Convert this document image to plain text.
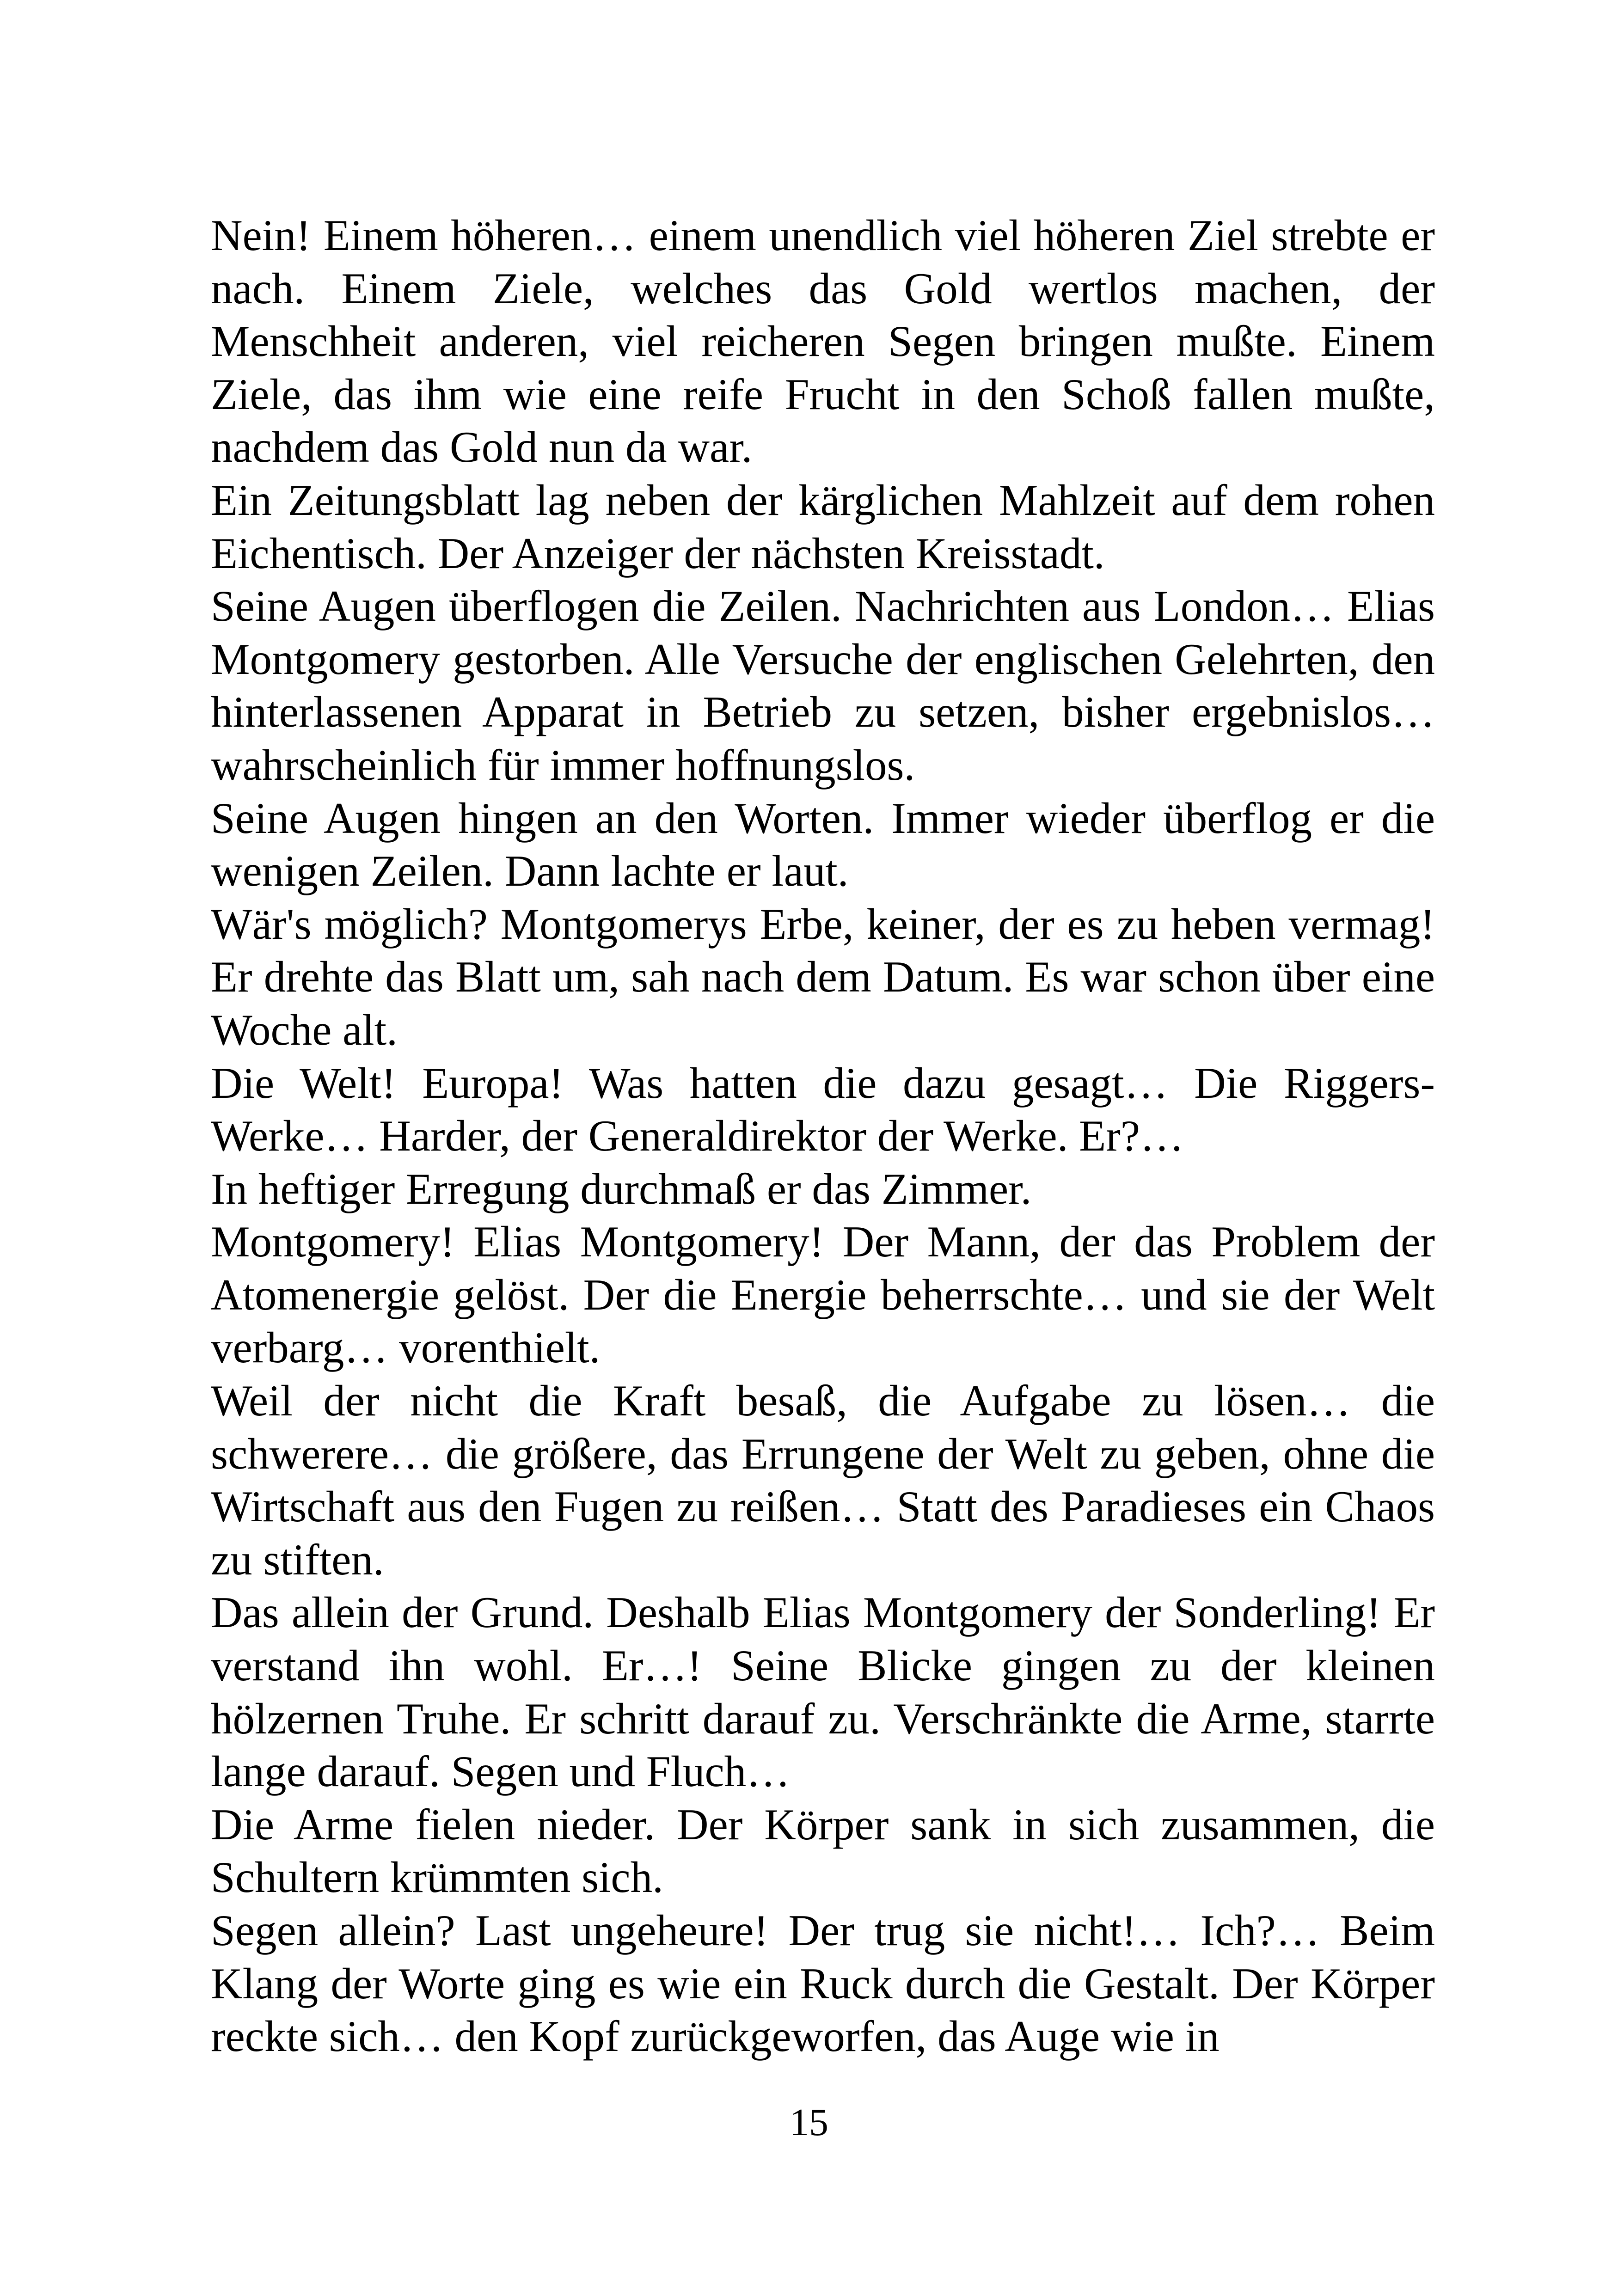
Nein! Einem höheren… einem unendlich viel höheren Ziel strebte er nach. Einem Ziele, welches das Gold wertlos machen, der Menschheit anderen, viel reicheren Segen bringen mußte. Einem Ziele, das ihm wie eine reife Frucht in den Schoß fallen mußte, nachdem das Gold nun da war.

Ein Zeitungsblatt lag neben der kärglichen Mahlzeit auf dem rohen Eichentisch. Der Anzeiger der nächsten Kreisstadt.

Seine Augen überflogen die Zeilen. Nachrichten aus London… Elias Montgomery gestorben. Alle Versuche der englischen Gelehrten, den hinterlassenen Apparat in Betrieb zu setzen, bisher ergebnislos… wahrscheinlich für immer hoffnungslos.

Seine Augen hingen an den Worten. Immer wieder überflog er die wenigen Zeilen. Dann lachte er laut.

Wär's möglich? Montgomerys Erbe, keiner, der es zu heben vermag! Er drehte das Blatt um, sah nach dem Datum. Es war schon über eine Woche alt.

Die Welt! Europa! Was hatten die dazu gesagt… Die Riggers-Werke… Harder, der Generaldirektor der Werke. Er?…

In heftiger Erregung durchmaß er das Zimmer.

Montgomery! Elias Montgomery! Der Mann, der das Problem der Atomenergie gelöst. Der die Energie beherrschte… und sie der Welt verbarg… vorenthielt.

Weil der nicht die Kraft besaß, die Aufgabe zu lösen… die schwerere… die größere, das Errungene der Welt zu geben, ohne die Wirtschaft aus den Fugen zu reißen… Statt des Paradieses ein Chaos zu stiften.

Das allein der Grund. Deshalb Elias Montgomery der Sonderling! Er verstand ihn wohl. Er…! Seine Blicke gingen zu der kleinen hölzernen Truhe. Er schritt darauf zu. Verschränkte die Arme, starrte lange darauf. Segen und Fluch…

Die Arme fielen nieder. Der Körper sank in sich zusammen, die Schultern krümmten sich.

Segen allein? Last ungeheure! Der trug sie nicht!… Ich?… Beim Klang der Worte ging es wie ein Ruck durch die Gestalt. Der Körper reckte sich… den Kopf zurückgeworfen, das Auge wie in

15
